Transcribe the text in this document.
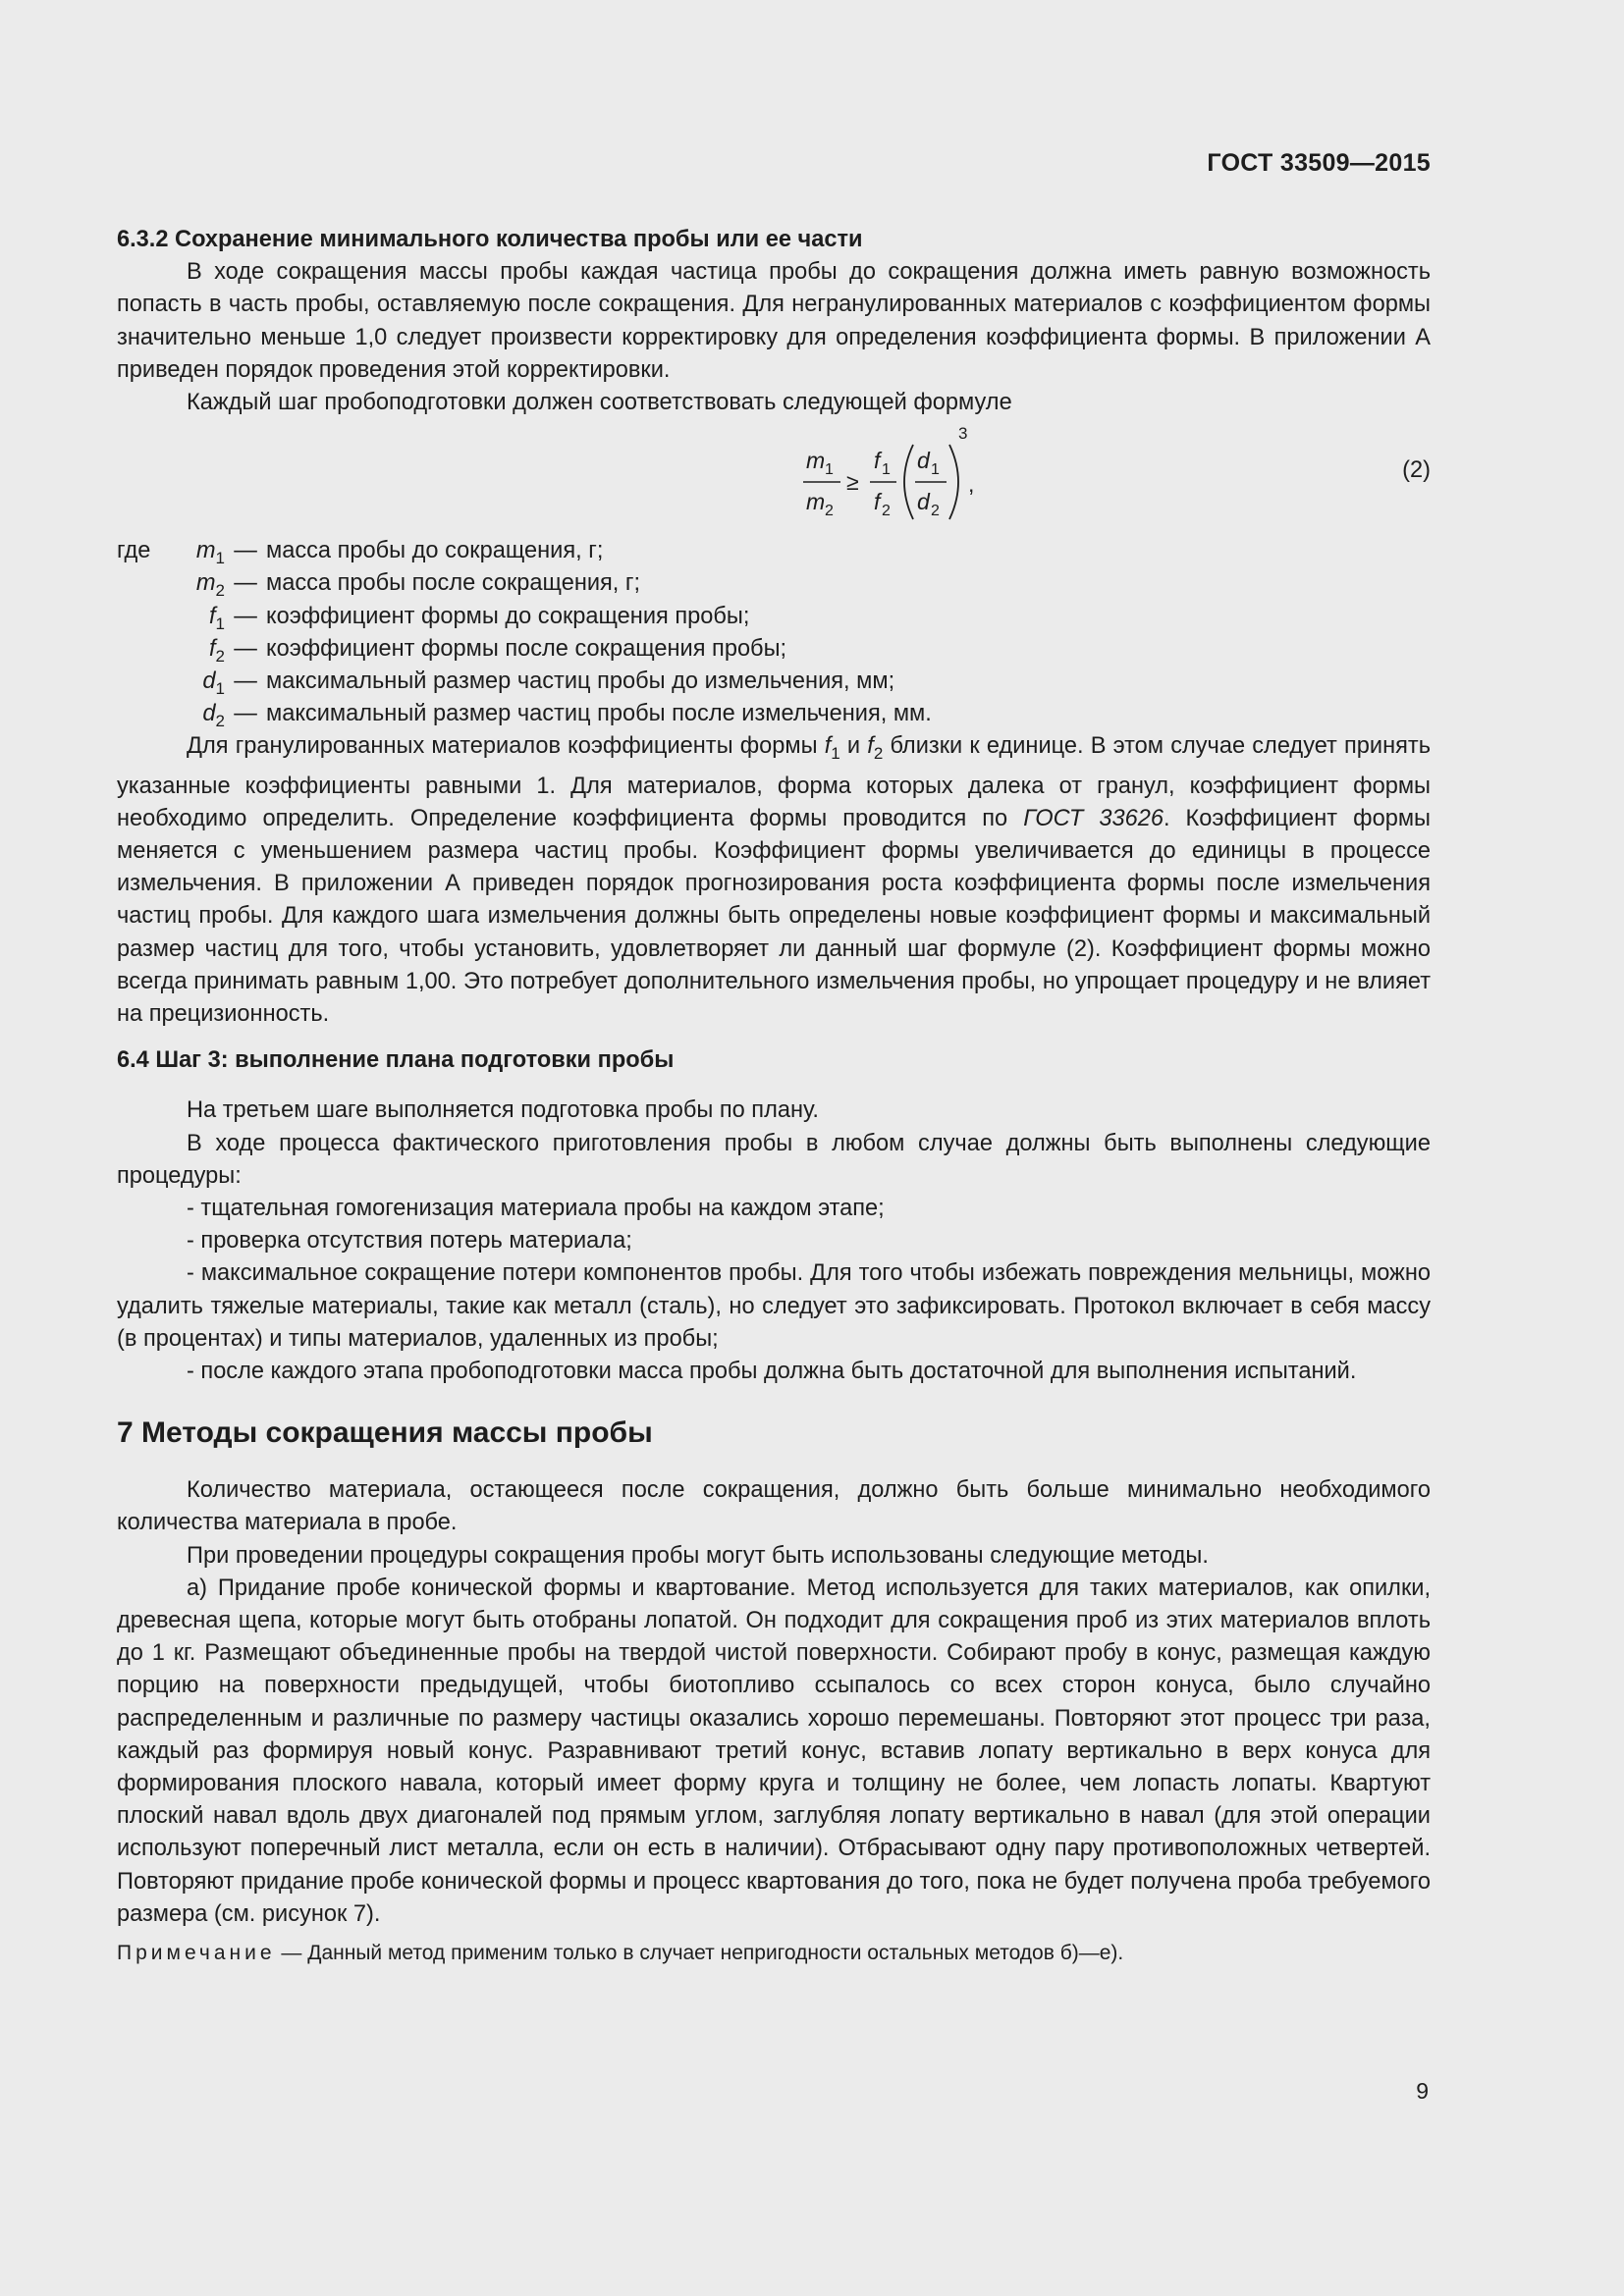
ГОСТ 33509—2015

6.3.2 Сохранение минимального количества пробы или ее части

В ходе сокращения массы пробы каждая частица пробы до сокращения должна иметь равную возможность попасть в часть пробы, оставляемую после сокращения. Для негранулированных материалов с коэффициентом формы значительно меньше 1,0 следует произвести корректировку для определения коэффициента формы. В приложении А приведен порядок проведения этой корректировки.

Каждый шаг пробоподготовки должен соответствовать следующей формуле

m 1
m 2
≥
f 1
f 2
d 1
d 2
3
,
(2)
где	$m_1$ — масса пробы до сокращения, г;
$m_2$ — масса пробы после сокращения, г;
$f_1$ — коэффициент формы до сокращения пробы;
$f_2$ — коэффициент формы после сокращения пробы;
$d_1$ — максимальный размер частиц пробы до измельчения, мм;
$d_2$ — максимальный размер частиц пробы после измельчения, мм.

Для гранулированных материалов коэффициенты формы $f_1$ и $f_2$ близки к единице. В этом случае следует принять указанные коэффициенты равными 1. Для материалов, форма которых далека от гранул, коэффициент формы необходимо определить. Определение коэффициента формы проводится по ГОСТ 33626. Коэффициент формы меняется с уменьшением размера частиц пробы. Коэффициент формы увеличивается до единицы в процессе измельчения. В приложении А приведен порядок прогнозирования роста коэффициента формы после измельчения частиц пробы. Для каждого шага измельчения должны быть определены новые коэффициент формы и максимальный размер частиц для того, чтобы установить, удовлетворяет ли данный шаг формуле (2). Коэффициент формы можно всегда принимать равным 1,00. Это потребует дополнительного измельчения пробы, но упрощает процедуру и не влияет на прецизионность.

6.4 Шаг 3: выполнение плана подготовки пробы

На третьем шаге выполняется подготовка пробы по плану.

В ходе процесса фактического приготовления пробы в любом случае должны быть выполнены следующие процедуры:

- тщательная гомогенизация материала пробы на каждом этапе;

- проверка отсутствия потерь материала;

- максимальное сокращение потери компонентов пробы. Для того чтобы избежать повреждения мельницы, можно удалить тяжелые материалы, такие как металл (сталь), но следует это зафиксировать. Протокол включает в себя массу (в процентах) и типы материалов, удаленных из пробы;

- после каждого этапа пробоподготовки масса пробы должна быть достаточной для выполнения испытаний.

7 Методы сокращения массы пробы

Количество материала, остающееся после сокращения, должно быть больше минимально необходимого количества материала в пробе.

При проведении процедуры сокращения пробы могут быть использованы следующие методы.

а) Придание пробе конической формы и квартование. Метод используется для таких материалов, как опилки, древесная щепа, которые могут быть отобраны лопатой. Он подходит для сокращения проб из этих материалов вплоть до 1 кг. Размещают объединенные пробы на твердой чистой поверхности. Собирают пробу в конус, размещая каждую порцию на поверхности предыдущей, чтобы биотопливо ссыпалось со всех сторон конуса, было случайно распределенным и различные по размеру частицы оказались хорошо перемешаны. Повторяют этот процесс три раза, каждый раз формируя новый конус. Разравнивают третий конус, вставив лопату вертикально в верх конуса для формирования плоского навала, который имеет форму круга и толщину не более, чем лопасть лопаты. Квартуют плоский навал вдоль двух диагоналей под прямым углом, заглубляя лопату вертикально в навал (для этой операции используют поперечный лист металла, если он есть в наличии). Отбрасывают одну пару противоположных четвертей. Повторяют придание пробе конической формы и процесс квартования до того, пока не будет получена проба требуемого размера (см. рисунок 7).

Примечание — Данный метод применим только в случает непригодности остальных методов б)—е).

9
